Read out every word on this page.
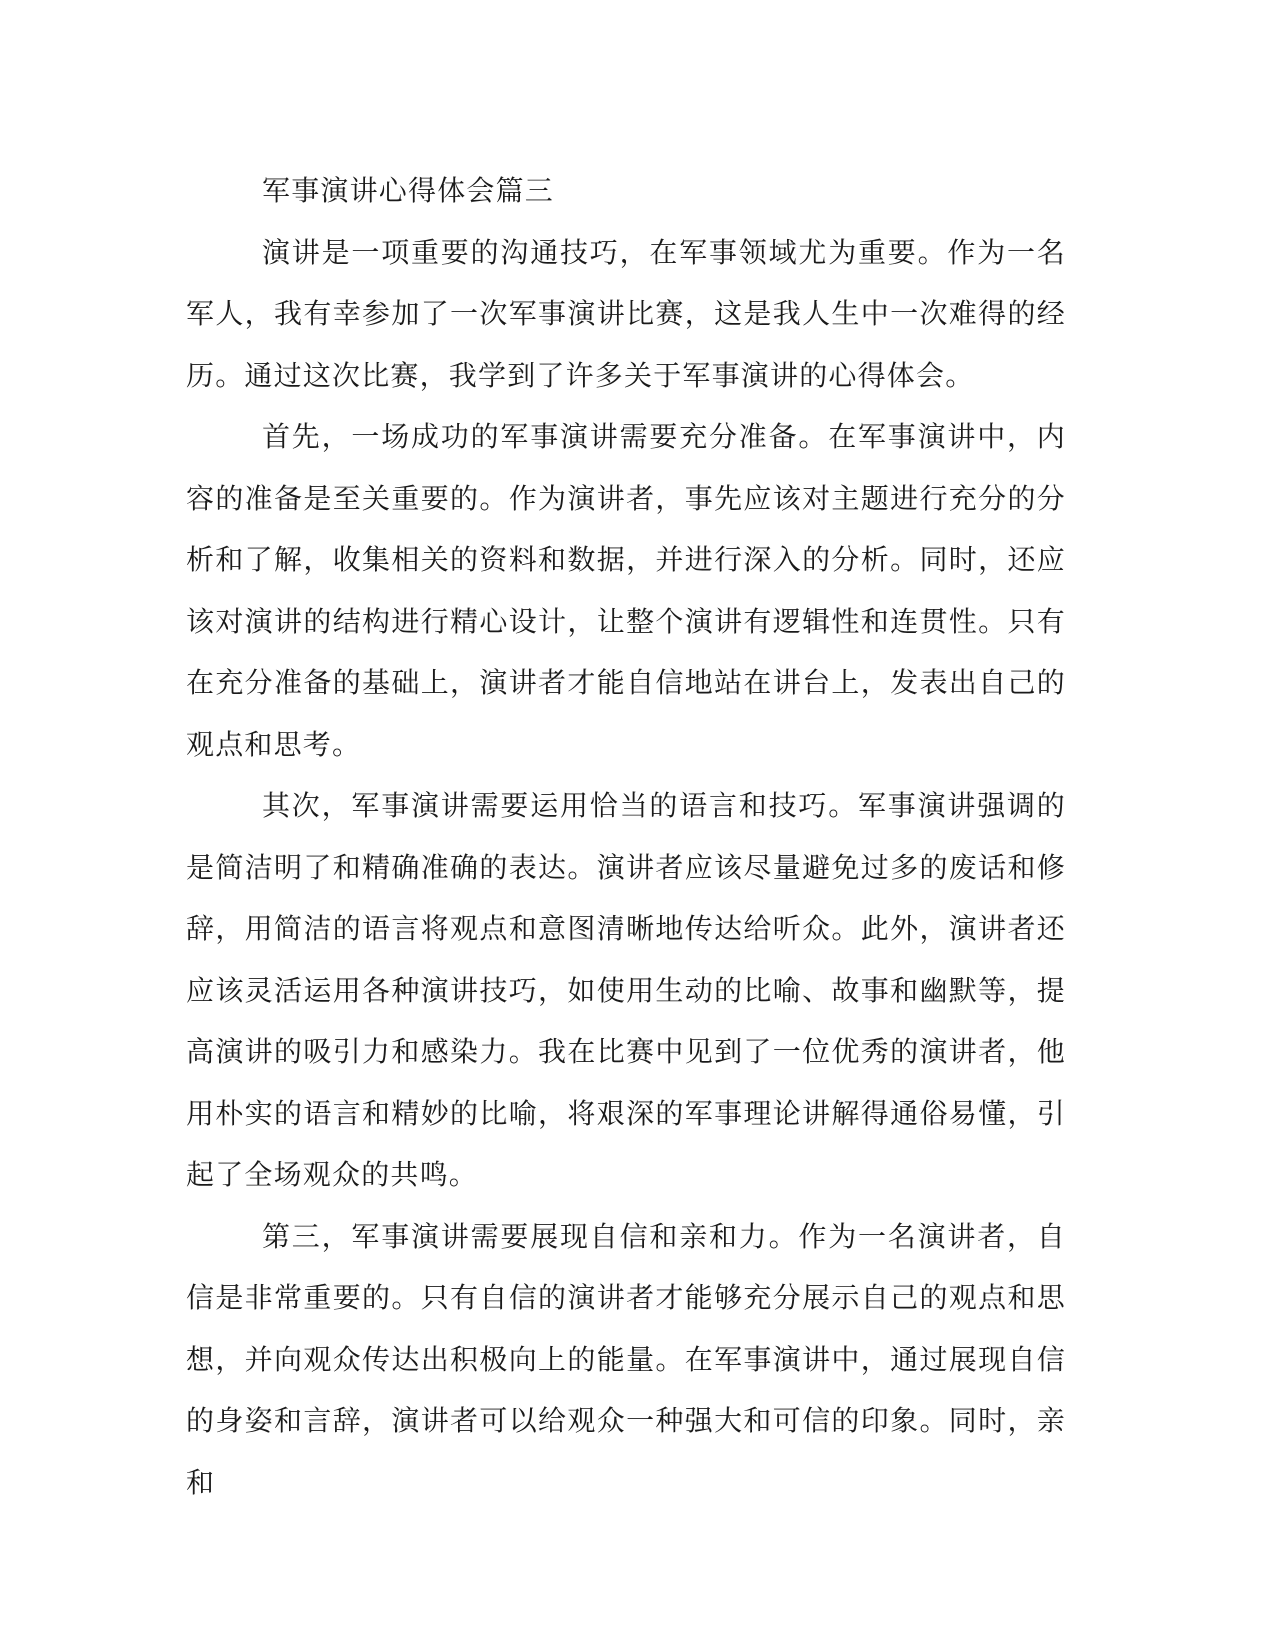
军事演讲心得体会篇三

演讲是一项重要的沟通技巧，在军事领域尤为重要。作为一名军人，我有幸参加了一次军事演讲比赛，这是我人生中一次难得的经历。通过这次比赛，我学到了许多关于军事演讲的心得体会。

首先，一场成功的军事演讲需要充分准备。在军事演讲中，内容的准备是至关重要的。作为演讲者，事先应该对主题进行充分的分析和了解，收集相关的资料和数据，并进行深入的分析。同时，还应该对演讲的结构进行精心设计，让整个演讲有逻辑性和连贯性。只有在充分准备的基础上，演讲者才能自信地站在讲台上，发表出自己的观点和思考。

其次，军事演讲需要运用恰当的语言和技巧。军事演讲强调的是简洁明了和精确准确的表达。演讲者应该尽量避免过多的废话和修辞，用简洁的语言将观点和意图清晰地传达给听众。此外，演讲者还应该灵活运用各种演讲技巧，如使用生动的比喻、故事和幽默等，提高演讲的吸引力和感染力。我在比赛中见到了一位优秀的演讲者，他用朴实的语言和精妙的比喻，将艰深的军事理论讲解得通俗易懂，引起了全场观众的共鸣。

第三，军事演讲需要展现自信和亲和力。作为一名演讲者，自信是非常重要的。只有自信的演讲者才能够充分展示自己的观点和思想，并向观众传达出积极向上的能量。在军事演讲中，通过展现自信的身姿和言辞，演讲者可以给观众一种强大和可信的印象。同时，亲和
